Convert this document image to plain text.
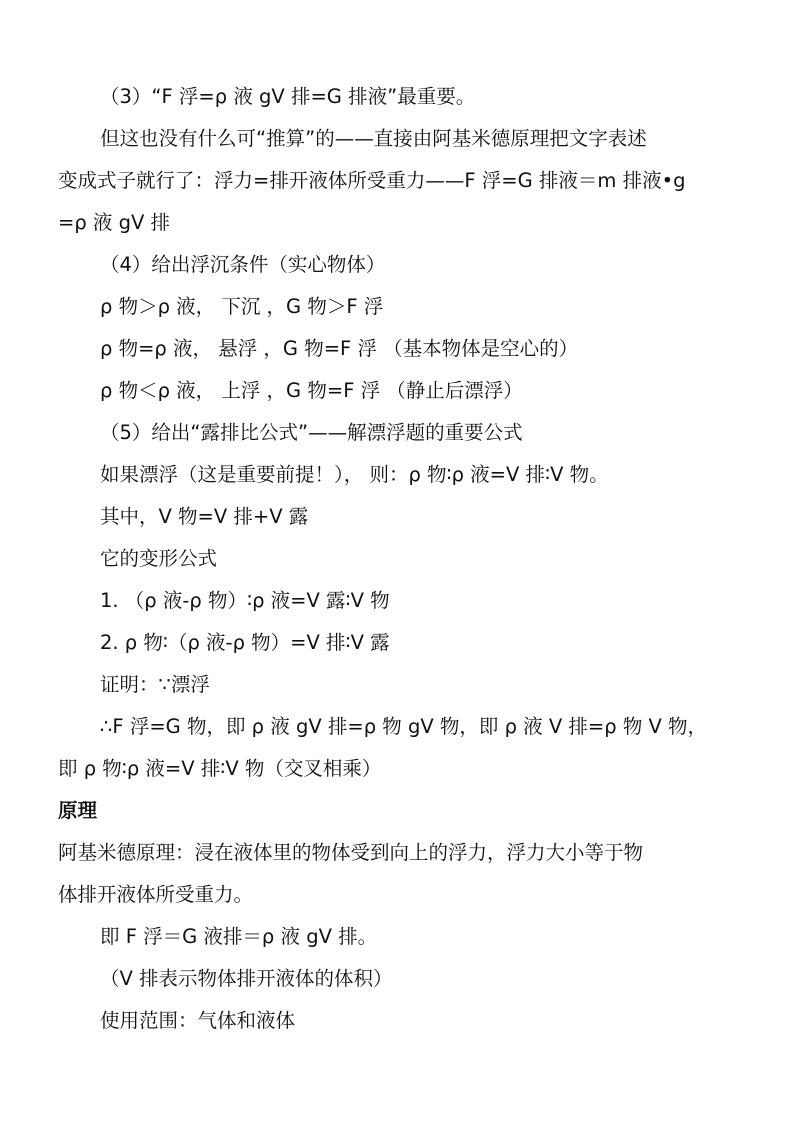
（3）“F 浮=ρ 液 gV 排=G 排液”最重要。

但这也没有什么可“推算”的——直接由阿基米德原理把文字表述

变成式子就行了：浮力=排开液体所受重力——F 浮=G 排液＝m 排液•g

=ρ 液 gV 排

（4）给出浮沉条件（实心物体）

ρ 物＞ρ 液， 下沉 ，G 物＞F 浮

ρ 物=ρ 液， 悬浮 ，G 物=F 浮 （基本物体是空心的）

ρ 物＜ρ 液， 上浮 ，G 物=F 浮 （静止后漂浮）

（5）给出“露排比公式”——解漂浮题的重要公式

如果漂浮（这是重要前提！）， 则：ρ 物∶ρ 液=V 排∶V 物。

其中，V 物=V 排+V 露

它的变形公式

1. （ρ 液-ρ 物）∶ρ 液=V 露∶V 物

2. ρ 物∶（ρ 液-ρ 物）=V 排∶V 露

证明：∵漂浮

∴F 浮=G 物，即 ρ 液 gV 排=ρ 物 gV 物，即 ρ 液 V 排=ρ 物 V 物，

即 ρ 物∶ρ 液=V 排∶V 物（交叉相乘）

原理

阿基米德原理：浸在液体里的物体受到向上的浮力，浮力大小等于物

体排开液体所受重力。

即 F 浮＝G 液排＝ρ 液 gV 排。

（V 排表示物体排开液体的体积）

使用范围：气体和液体
